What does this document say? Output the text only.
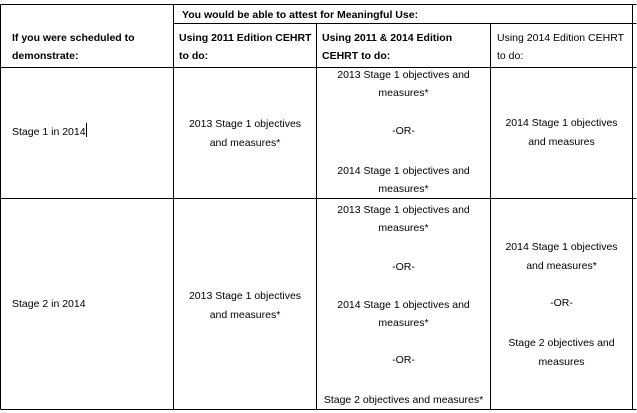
You would be able to attest for Meaningful Use:
If you were scheduled to
demonstrate:
Using 2011 Edition CEHRT
to do:
Using 2011 & 2014 Edition
CEHRT to do:
Using 2014 Edition CEHRT
to do:
Stage 1 in 2014
2013 Stage 1 objectives
and measures*
2013 Stage 1 objectives and
measures*
-OR-
2014 Stage 1 objectives and
measures*
2014 Stage 1 objectives
and measures
Stage 2 in 2014
2013 Stage 1 objectives
and measures*
2013 Stage 1 objectives and
measures*
-OR-
2014 Stage 1 objectives and
measures*
-OR-
Stage 2 objectives and measures*
2014 Stage 1 objectives
and measures*
-OR-
Stage 2 objectives and
measures
